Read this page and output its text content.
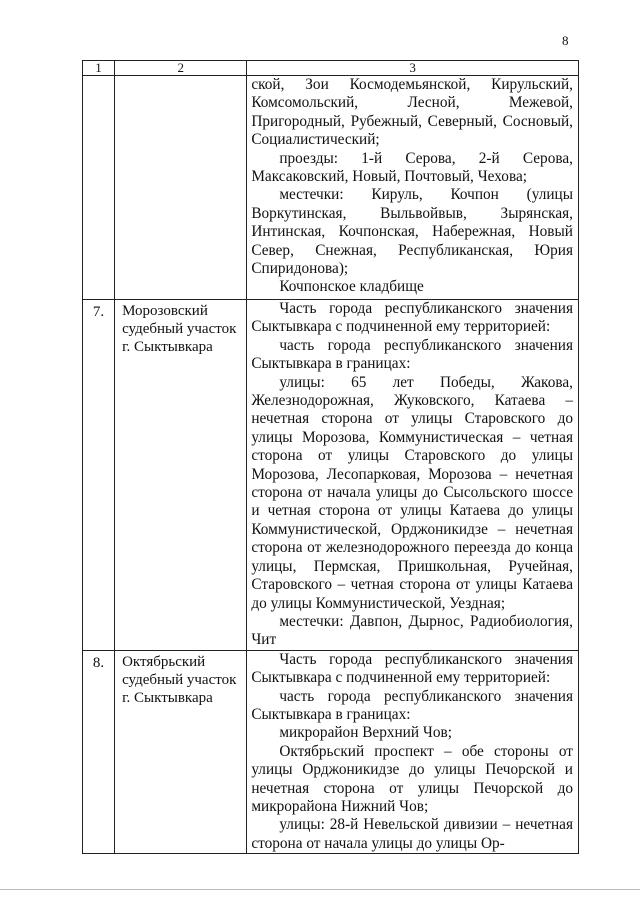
8
1	2	3

		ской, Зои Космодемьянской, Кирульский, Комсомольский, Лесной, Межевой, Пригородный, Рубежный, Северный, Сосновый, Социалистический;

проезды: 1-й Серова, 2-й Серова, Максаковский, Новый, Почтовый, Чехова;

местечки: Кируль, Кочпон (улицы Воркутинская, Выльвойвыв, Зырянская, Интинская, Кочпонская, Набережная, Новый Север, Снежная, Республиканская, Юрия Спиридонова);

Кочпонское кладбище

7.	Морозовский судебный участок г. Сыктывкара	Часть города республиканского значения Сыктывкара с подчиненной ему территорией:

часть города республиканского значения Сыктывкара в границах:

улицы: 65 лет Победы, Жакова, Железнодорожная, Жуковского, Катаева – нечетная сторона от улицы Старовского до улицы Морозова, Коммунистическая – четная сторона от улицы Старовского до улицы Морозова, Лесопарковая, Морозова – нечетная сторона от начала улицы до Сысольского шоссе и четная сторона от улицы Катаева до улицы Коммунистической, Орджоникидзе – нечетная сторона от железнодорожного переезда до конца улицы, Пермская, Пришкольная, Ручейная, Старовского – четная сторона от улицы Катаева до улицы Коммунистической, Уездная;

местечки: Давпон, Дырнос, Радиобиология, Чит

8.	Октябрьский судебный участок г. Сыктывкара	Часть города республиканского значения Сыктывкара с подчиненной ему территорией:

часть города республиканского значения Сыктывкара в границах:

микрорайон Верхний Чов;

Октябрьский проспект – обе стороны от улицы Орджоникидзе до улицы Печорской и нечетная сторона от улицы Печорской до микрорайона Нижний Чов;

улицы: 28-й Невельской дивизии – нечетная сторона от начала улицы до улицы Ор-
